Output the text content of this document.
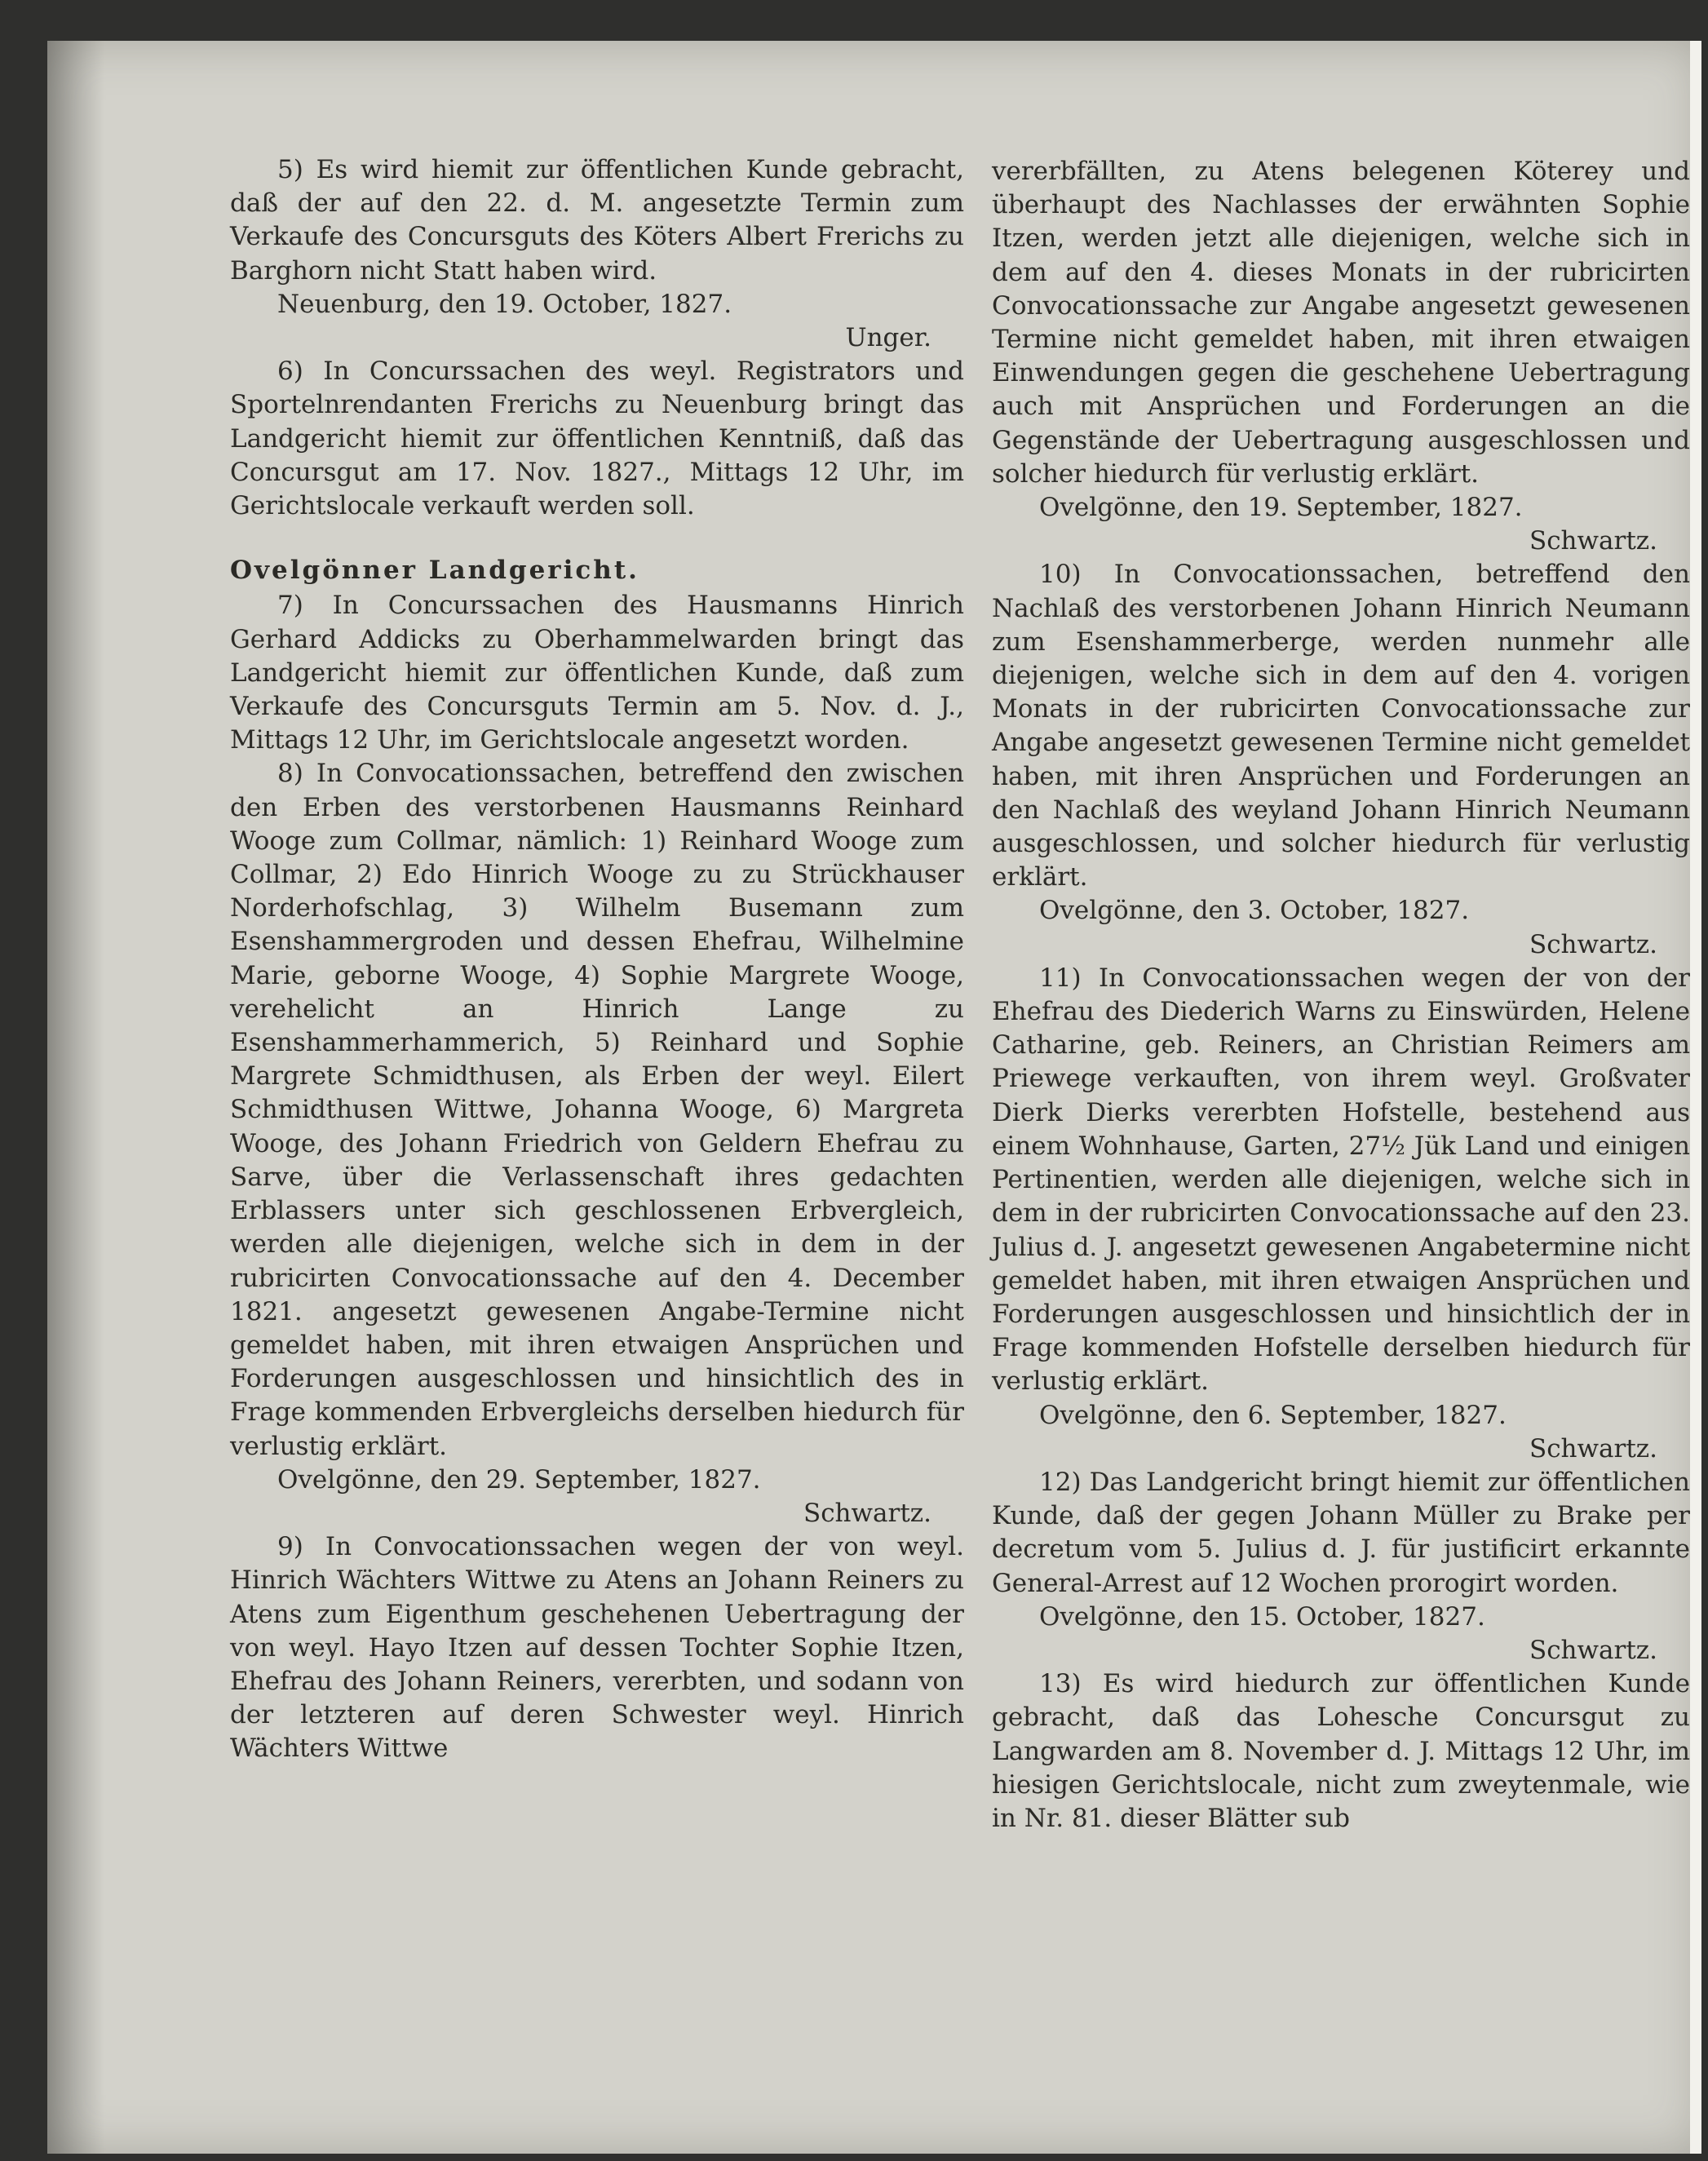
5) Es wird hiemit zur öffentlichen Kunde gebracht, daß der auf den 22. d. M. angesetzte Termin zum Verkaufe des Concursguts des Köters Albert Frerichs zu Barghorn nicht Statt haben wird.

Neuenburg, den 19. October, 1827.

Unger.

6) In Concurssachen des weyl. Registrators und Sportelnrendanten Frerichs zu Neuenburg bringt das Landgericht hiemit zur öffentlichen Kenntniß, daß das Concursgut am 17. Nov. 1827., Mittags 12 Uhr, im Gerichtslocale verkauft werden soll.

Ovelgönner Landgericht.

7) In Concurssachen des Hausmanns Hinrich Gerhard Addicks zu Oberhammelwarden bringt das Landgericht hiemit zur öffentlichen Kunde, daß zum Verkaufe des Concursguts Termin am 5. Nov. d. J., Mittags 12 Uhr, im Gerichtslocale angesetzt worden.

8) In Convocationssachen, betreffend den zwischen den Erben des verstorbenen Hausmanns Reinhard Wooge zum Collmar, nämlich: 1) Reinhard Wooge zum Collmar, 2) Edo Hinrich Wooge zu zu Strückhauser Norderhofschlag, 3) Wilhelm Busemann zum Esenshammergroden und dessen Ehefrau, Wilhelmine Marie, geborne Wooge, 4) Sophie Margrete Wooge, verehelicht an Hinrich Lange zu Esenshammerhammerich, 5) Reinhard und Sophie Margrete Schmidthusen, als Erben der weyl. Eilert Schmidthusen Wittwe, Johanna Wooge, 6) Margreta Wooge, des Johann Friedrich von Geldern Ehefrau zu Sarve, über die Verlassenschaft ihres gedachten Erblassers unter sich geschlossenen Erbvergleich, werden alle diejenigen, welche sich in dem in der rubricirten Convocationssache auf den 4. December 1821. angesetzt gewesenen Angabe-Termine nicht gemeldet haben, mit ihren etwaigen Ansprüchen und Forderungen ausgeschlossen und hinsichtlich des in Frage kommenden Erbvergleichs derselben hiedurch für verlustig erklärt.

Ovelgönne, den 29. September, 1827.

Schwartz.

9) In Convocationssachen wegen der von weyl. Hinrich Wächters Wittwe zu Atens an Johann Reiners zu Atens zum Eigenthum geschehenen Uebertragung der von weyl. Hayo Itzen auf dessen Tochter Sophie Itzen, Ehefrau des Johann Reiners, vererbten, und sodann von der letzteren auf deren Schwester weyl. Hinrich Wächters Wittwe

vererbfällten, zu Atens belegenen Köterey und überhaupt des Nachlasses der erwähnten Sophie Itzen, werden jetzt alle diejenigen, welche sich in dem auf den 4. dieses Monats in der rubricirten Convocationssache zur Angabe angesetzt gewesenen Termine nicht gemeldet haben, mit ihren etwaigen Einwendungen gegen die geschehene Uebertragung auch mit Ansprüchen und Forderungen an die Gegenstände der Uebertragung ausgeschlossen und solcher hiedurch für verlustig erklärt.

Ovelgönne, den 19. September, 1827.

Schwartz.

10) In Convocationssachen, betreffend den Nachlaß des verstorbenen Johann Hinrich Neumann zum Esenshammerberge, werden nunmehr alle diejenigen, welche sich in dem auf den 4. vorigen Monats in der rubricirten Convocationssache zur Angabe angesetzt gewesenen Termine nicht gemeldet haben, mit ihren Ansprüchen und Forderungen an den Nachlaß des weyland Johann Hinrich Neumann ausgeschlossen, und solcher hiedurch für verlustig erklärt.

Ovelgönne, den 3. October, 1827.

Schwartz.

11) In Convocationssachen wegen der von der Ehefrau des Diederich Warns zu Einswürden, Helene Catharine, geb. Reiners, an Christian Reimers am Priewege verkauften, von ihrem weyl. Großvater Dierk Dierks vererbten Hofstelle, bestehend aus einem Wohnhause, Garten, 27½ Jük Land und einigen Pertinentien, werden alle diejenigen, welche sich in dem in der rubricirten Convocationssache auf den 23. Julius d. J. angesetzt gewesenen Angabetermine nicht gemeldet haben, mit ihren etwaigen Ansprüchen und Forderungen ausgeschlossen und hinsichtlich der in Frage kommenden Hofstelle derselben hiedurch für verlustig erklärt.

Ovelgönne, den 6. September, 1827.

Schwartz.

12) Das Landgericht bringt hiemit zur öffentlichen Kunde, daß der gegen Johann Müller zu Brake per decretum vom 5. Julius d. J. für justificirt erkannte General-Arrest auf 12 Wochen prorogirt worden.

Ovelgönne, den 15. October, 1827.

Schwartz.

13) Es wird hiedurch zur öffentlichen Kunde gebracht, daß das Lohesche Concursgut zu Langwarden am 8. November d. J. Mittags 12 Uhr, im hiesigen Gerichtslocale, nicht zum zweytenmale, wie in Nr. 81. dieser Blätter sub
